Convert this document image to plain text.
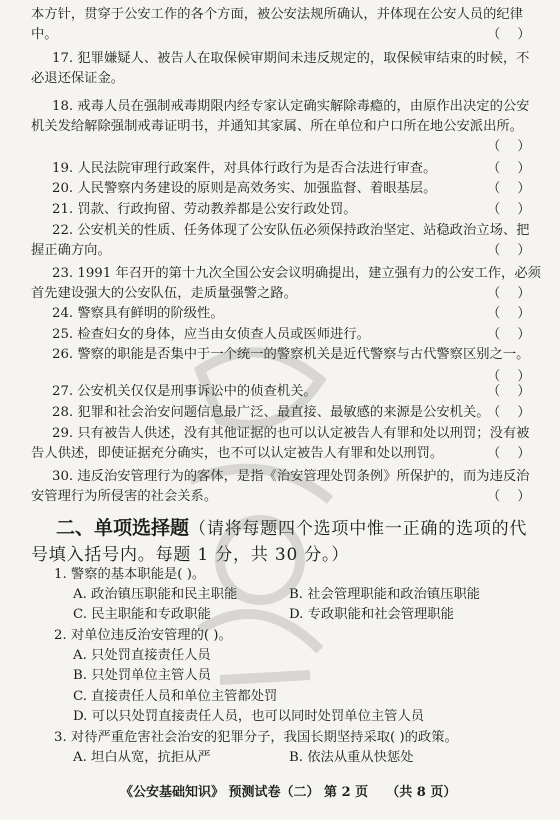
本方针，贯穿于公安工作的各个方面，被公安法规所确认，并体现在公安人员的纪律
中。	（    ）
17. 犯罪嫌疑人、被告人在取保候审期间未违反规定的，取保候审结束的时候，不
必退还保证金。
18. 戒毒人员在强制戒毒期限内经专家认定确实解除毒瘾的，由原作出决定的公安
机关发给解除强制戒毒证明书，并通知其家属、所在单位和户口所在地公安派出所。
（    ）
19. 人民法院审理行政案件，对具体行政行为是否合法进行审查。	（    ）
20. 人民警察内务建设的原则是高效务实、加强监督、着眼基层。	（    ）
21. 罚款、行政拘留、劳动教养都是公安行政处罚。	（    ）
22. 公安机关的性质、任务体现了公安队伍必须保持政治坚定、站稳政治立场、把
握正确方向。	（    ）
23. 1991 年召开的第十九次全国公安会议明确提出，建立强有力的公安工作，必须
首先建设强大的公安队伍，走质量强警之路。	（    ）
24. 警察具有鲜明的阶级性。	（    ）
25. 检查妇女的身体，应当由女侦查人员或医师进行。	（    ）
26. 警察的职能是否集中于一个统一的警察机关是近代警察与古代警察区别之一。
（    ）
27. 公安机关仅仅是刑事诉讼中的侦查机关。	（    ）
28. 犯罪和社会治安问题信息最广泛、最直接、最敏感的来源是公安机关。
（    ）
29. 只有被告人供述，没有其他证据的也可以认定被告人有罪和处以刑罚；没有被
告人供述，即使证据充分确实，也不可以认定被告人有罪和处以刑罚。	（    ）
30. 违反治安管理行为的客体，是指《治安管理处罚条例》所保护的，而为违反治
安管理行为所侵害的社会关系。	（    ）
二、单项选择题（请将每题四个选项中惟一正确的选项的代
号填入括号内。每题 1 分，共 30 分。）
1. 警察的基本职能是( )。
A. 政治镇压职能和民主职能	B. 社会管理职能和政治镇压职能
C. 民主职能和专政职能	D. 专政职能和社会管理职能
2. 对单位违反治安管理的( )。
A. 只处罚直接责任人员
B. 只处罚单位主管人员
C. 直接责任人员和单位主管都处罚
D. 可以只处罚直接责任人员，也可以同时处罚单位主管人员
3. 对待严重危害社会治安的犯罪分子，我国长期坚持采取( )的政策。
A. 坦白从宽，抗拒从严	B. 依法从重从快惩处
《公安基础知识》 预测试卷（二） 第 2 页    （共 8 页）
